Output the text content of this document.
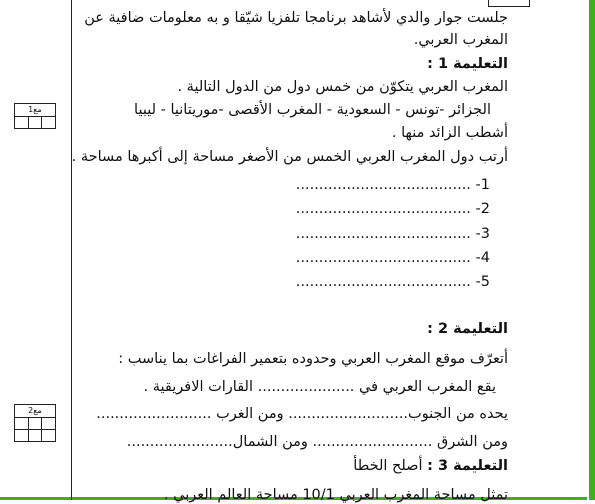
مع1
مع2
جلست جوار والدي لأشاهد برنامجا تلفزيا شيّقا و به معلومات ضافية عن
المغرب العربي.
التعليمة 1 :
المغرب العربي يتكوّن من خمس دول من الدول التالية .
الجزائر -تونس - السعودية - المغرب الأقصى -موريتانيا - ليبيا
أشطب الزائد منها .
أرتب دول المغرب العربي الخمس من الأصغر مساحة إلى أكبرها مساحة .
1- ......................................
2- ......................................
3- ......................................
4- ......................................
5- ......................................
التعليمة 2 :
أتعرّف موقع المغرب العربي وحدوده بتعمير الفراغات بما يناسب :
يقع المغرب العربي في ..................... القارات الافريقية .
يحده من الجنوب.......................... ومن الغرب .........................
ومن الشرق .......................... ومن الشمال.......................
التعليمة 3 : أصلح الخطأ
تمثل مساحة المغرب العربي 10/1 مساحة العالم العربي .
